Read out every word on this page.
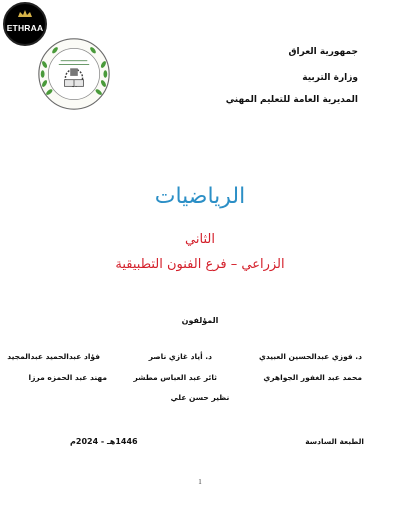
ETHRAA
جمهورية العراق
وزارة التربية
المديرية العامة للتعليم المهني
الرياضيات
الثاني
الزراعي – فرع الفنون التطبيقية
المؤلفون
د. فوزي عبدالحسين العبيدي
د. أياد غازي ناصر
فؤاد عبدالحميد عبدالمجيد
محمد عبد الغفور الجواهري
ثائر عبد العباس مطشر
مهند عبد الحمزه مرزا
نظير حسن علي
الطبعة السادسة
1446هـ - 2024م
1
